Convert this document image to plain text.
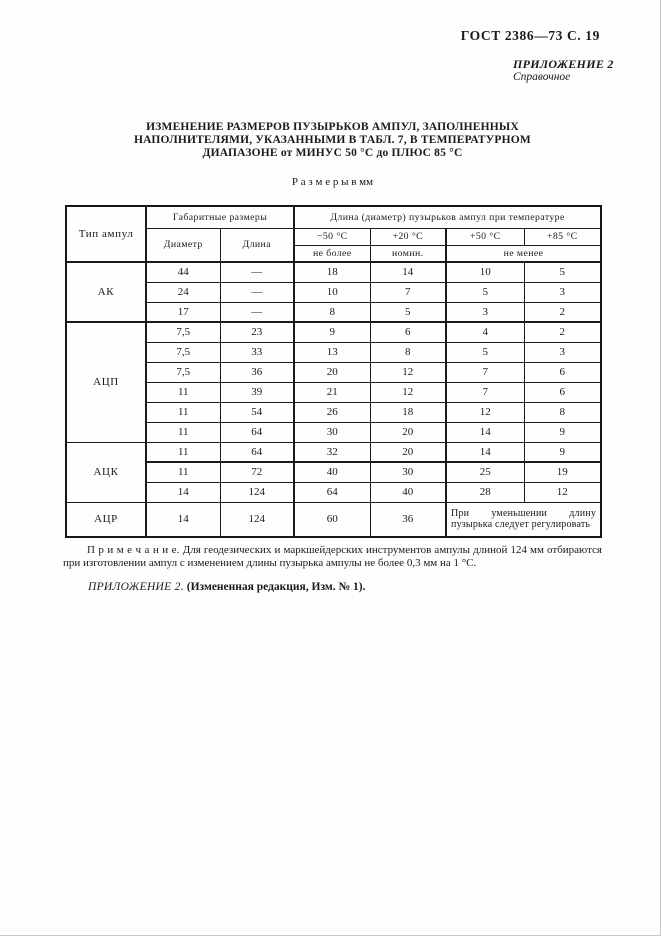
ГОСТ 2386—73 С. 19
ПРИЛОЖЕНИЕ 2
Справочное
ИЗМЕНЕНИЕ РАЗМЕРОВ ПУЗЫРЬКОВ АМПУЛ, ЗАПОЛНЕННЫХ
НАПОЛНИТЕЛЯМИ, УКАЗАННЫМИ В ТАБЛ. 7, В ТЕМПЕРАТУРНОМ
ДИАПАЗОНЕ от МИНУС 50 °С до ПЛЮС 85 °С
Р а з м е р ы в мм
Тип ампул	Габаритные размеры		Длина (диаметр) пузырьков ампул при температуре			
	Диаметр	Длина	−50 °С	+20 °С	+50 °С	+85 °С
			не более	номин.	не менее	
АК	44	—	18	14	10	5
	24	—	10	7	5	3
	17	—	8	5	3	2
АЦП	7,5	23	9	6	4	2
	7,5	33	13	8	5	3
	7,5	36	20	12	7	6
	11	39	21	12	7	6
	11	54	26	18	12	8
	11	64	30	20	14	9
АЦК	11	64	32	20	14	9
	11	72	40	30	25	19
	14	124	64	40	28	12
АЦР	14	124	60	36	При уменьшении длину пузырька следует регулировать	

П р и м е ч а н и е. Для геодезических и маркшейдерских инструментов ампулы длиной 124 мм отбираются при изготовлении ампул с изменением длины пузырька ампулы не более 0,3 мм на 1 °С.

ПРИЛОЖЕНИЕ 2. (Измененная редакция, Изм. № 1).
